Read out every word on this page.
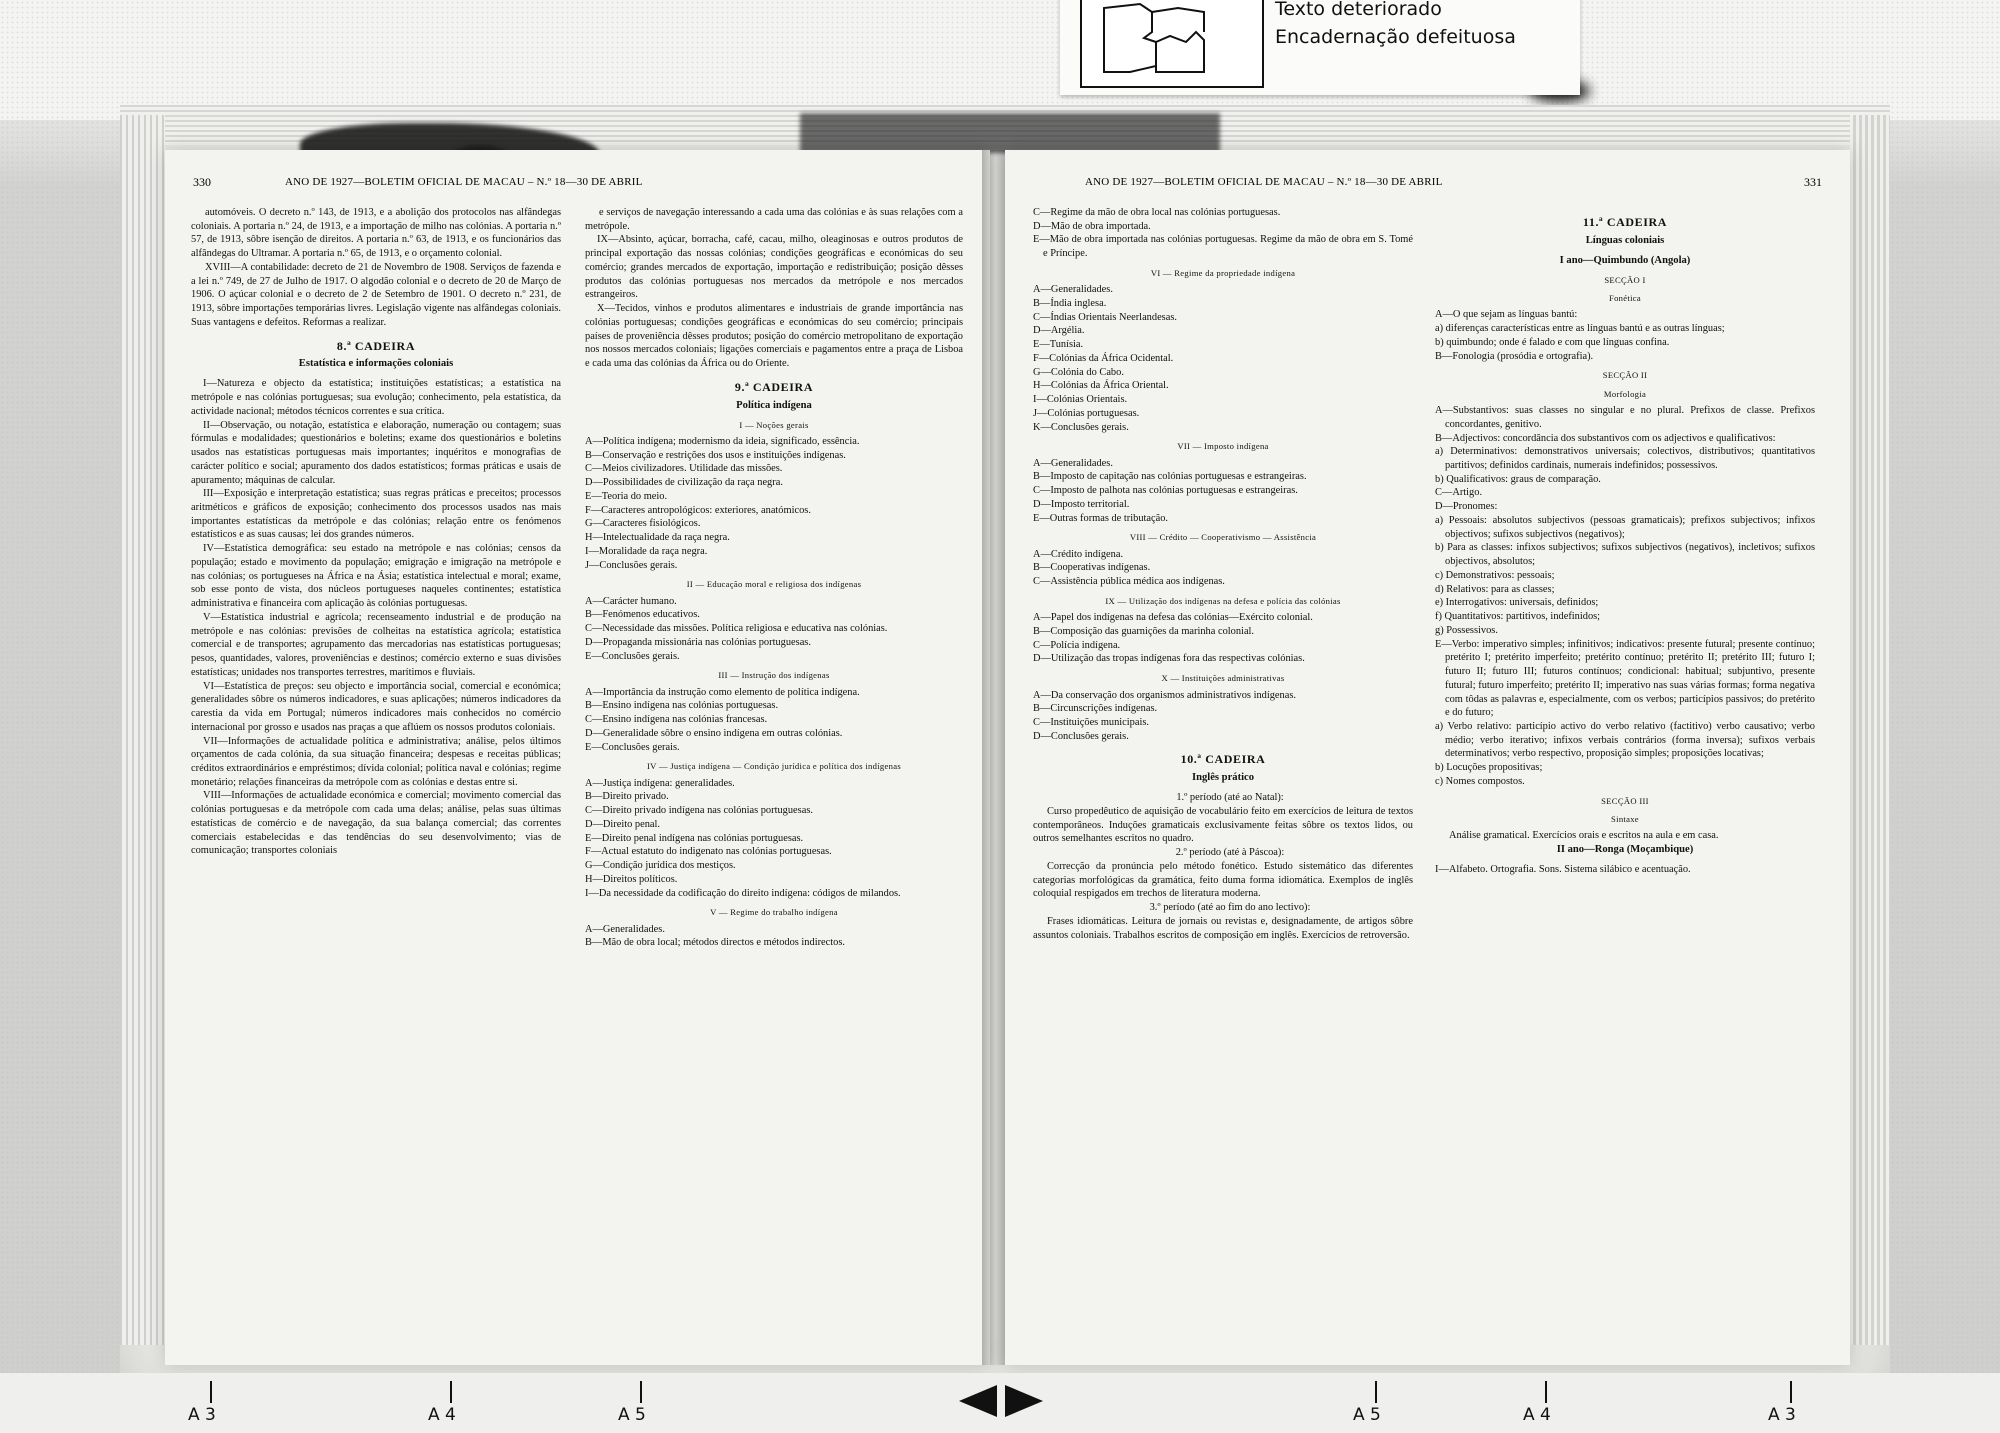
Texto deteriorado
Encadernação defeituosa
330	ANO DE 1927—BOLETIM OFICIAL DE MACAU – N.º 18—30 DE ABRIL

automóveis. O decreto n.º 143, de 1913, e a abolição dos protocolos nas alfândegas coloniais. A portaria n.º 24, de 1913, e a importação de milho nas colónias. A portaria n.º 57, de 1913, sôbre isenção de direitos. A portaria n.º 63, de 1913, e os funcionários das alfândegas do Ultramar. A portaria n.º 65, de 1913, e o orçamento colonial.

XVIII—A contabilidade: decreto de 21 de Novembro de 1908. Serviços de fazenda e a lei n.º 749, de 27 de Julho de 1917. O algodão colonial e o decreto de 20 de Março de 1906. O açúcar colonial e o decreto de 2 de Setembro de 1901. O decreto n.º 231, de 1913, sôbre importações temporárias livres. Legislação vigente nas alfândegas coloniais. Suas vantagens e defeitos. Reformas a realizar.

8.ª CADEIRA
Estatística e informações coloniais

I—Natureza e objecto da estatística; instituições estatísticas; a estatística na metrópole e nas colónias portuguesas; sua evolução; conhecimento, pela estatística, da actividade nacional; métodos técnicos correntes e sua crítica.

II—Observação, ou notação, estatística e elaboração, numeração ou contagem; suas fórmulas e modalidades; questionários e boletins; exame dos questionários e boletins usados nas estatísticas portuguesas mais importantes; inquéritos e monografias de carácter político e social; apuramento dos dados estatísticos; formas práticas e usais de apuramento; máquinas de calcular.

III—Exposição e interpretação estatística; suas regras práticas e preceitos; processos aritméticos e gráficos de exposição; conhecimento dos processos usados nas mais importantes estatísticas da metrópole e das colónias; relação entre os fenómenos estatísticos e as suas causas; lei dos grandes números.

IV—Estatística demográfica: seu estado na metrópole e nas colónias; censos da população; estado e movimento da população; emigração e imigração na metrópole e nas colónias; os portugueses na África e na Ásia; estatística intelectual e moral; exame, sob esse ponto de vista, dos núcleos portugueses naqueles continentes; estatística administrativa e financeira com aplicação às colónias portuguesas.

V—Estatística industrial e agrícola; recenseamento industrial e de produção na metrópole e nas colónias: previsões de colheitas na estatística agrícola; estatística comercial e de transportes; agrupamento das mercadorias nas estatísticas portuguesas; pesos, quantidades, valores, proveniências e destinos; comércio externo e suas divisões estatísticas; unidades nos transportes terrestres, marítimos e fluviais.

VI—Estatística de preços: seu objecto e importância social, comercial e económica; generalidades sôbre os números indicadores, e suas aplicações; números indicadores da carestia da vida em Portugal; números indicadores mais conhecidos no comércio internacional por grosso e usados nas praças a que aflúem os nossos produtos coloniais.

VII—Informações de actualidade política e administrativa; análise, pelos últimos orçamentos de cada colónia, da sua situação financeira; despesas e receitas públicas; créditos extraordinários e empréstimos; dívida colonial; política naval e colónias; regime monetário; relações financeiras da metrópole com as colónias e destas entre si.

VIII—Informações de actualidade económica e comercial; movimento comercial das colónias portuguesas e da metrópole com cada uma delas; análise, pelas suas últimas estatísticas de comércio e de navegação, da sua balança comercial; das correntes comerciais estabelecidas e das tendências do seu desenvolvimento; vias de comunicação; transportes coloniais

e serviços de navegação interessando a cada uma das colónias e às suas relações com a metrópole.

IX—Absinto, açúcar, borracha, café, cacau, milho, oleaginosas e outros produtos de principal exportação das nossas colónias; condições geográficas e económicas do seu comércio; grandes mercados de exportação, importação e redistribuição; posição dêsses produtos das colónias portuguesas nos mercados da metrópole e nos mercados estrangeiros.

X—Tecidos, vinhos e produtos alimentares e industriais de grande importância nas colónias portuguesas; condições geográficas e económicas do seu comércio; principais países de proveniência dêsses produtos; posição do comércio metropolitano de exportação nos nossos mercados coloniais; ligações comerciais e pagamentos entre a praça de Lisboa e cada uma das colónias da África ou do Oriente.

9.ª CADEIRA
Política indígena
I — Noções gerais

A—Política indígena; modernismo da ideia, significado, essência.

B—Conservação e restrições dos usos e instituições indígenas.

C—Meios civilizadores. Utilidade das missões.

D—Possibilidades de civilização da raça negra.

E—Teoria do meio.

F—Caracteres antropológicos: exteriores, anatómicos.

G—Caracteres fisiológicos.

H—Intelectualidade da raça negra.

I—Moralidade da raça negra.

J—Conclusões gerais.

II — Educação moral e religiosa dos indígenas

A—Carácter humano.

B—Fenómenos educativos.

C—Necessidade das missões. Política religiosa e educativa nas colónias.

D—Propaganda missionária nas colónias portuguesas.

E—Conclusões gerais.

III — Instrução dos indígenas

A—Importância da instrução como elemento de política indígena.

B—Ensino indígena nas colónias portuguesas.

C—Ensino indígena nas colónias francesas.

D—Generalidade sôbre o ensino indígena em outras colónias.

E—Conclusões gerais.

IV — Justiça indígena — Condição jurídica e política dos indígenas

A—Justiça indígena: generalidades.

B—Direito privado.

C—Direito privado indígena nas colónias portuguesas.

D—Direito penal.

E—Direito penal indígena nas colónias portuguesas.

F—Actual estatuto do indigenato nas colónias portuguesas.

G—Condição jurídica dos mestiços.

H—Direitos políticos.

I—Da necessidade da codificação do direito indígena: códigos de milandos.

V — Regime do trabalho indígena

A—Generalidades.

B—Mão de obra local; métodos directos e métodos indirectos.

ANO DE 1927—BOLETIM OFICIAL DE MACAU – N.º 18—30 DE ABRIL	331

C—Regime da mão de obra local nas colónias portuguesas.

D—Mão de obra importada.

E—Mão de obra importada nas colónias portuguesas. Regime da mão de obra em S. Tomé e Príncipe.

VI — Regime da propriedade indígena

A—Generalidades.

B—Índia inglesa.

C—Índias Orientais Neerlandesas.

D—Argélia.

E—Tunísia.

F—Colónias da África Ocidental.

G—Colónia do Cabo.

H—Colónias da África Oriental.

I—Colónias Orientais.

J—Colónias portuguesas.

K—Conclusões gerais.

VII — Imposto indígena

A—Generalidades.

B—Imposto de capitação nas colónias portuguesas e estrangeiras.

C—Imposto de palhota nas colónias portuguesas e estrangeiras.

D—Imposto territorial.

E—Outras formas de tributação.

VIII — Crédito — Cooperativismo — Assistência

A—Crédito indígena.

B—Cooperativas indígenas.

C—Assistência pública médica aos indígenas.

IX — Utilização dos indígenas na defesa e polícia das colónias

A—Papel dos indígenas na defesa das colónias—Exército colonial.

B—Composição das guarnições da marinha colonial.

C—Polícia indígena.

D—Utilização das tropas indígenas fora das respectivas colónias.

X — Instituições administrativas

A—Da conservação dos organismos administrativos indígenas.

B—Circunscrições indígenas.

C—Instituições municipais.

D—Conclusões gerais.

10.ª CADEIRA
Inglês prático

1.º período (até ao Natal):

Curso propedêutico de aquisição de vocabulário feito em exercícios de leitura de textos contemporâneos. Induções gramaticais exclusivamente feitas sôbre os textos lidos, ou outros semelhantes escritos no quadro.

2.º período (até à Páscoa):

Correcção da pronúncia pelo método fonético. Estudo sistemático das diferentes categorias morfológicas da gramática, feito duma forma idiomática. Exemplos de inglês coloquial respigados em trechos de literatura moderna.

3.º período (até ao fim do ano lectivo):

Frases idiomáticas. Leitura de jornais ou revistas e, designadamente, de artigos sôbre assuntos coloniais. Trabalhos escritos de composição em inglês. Exercícios de retroversão.

11.ª CADEIRA
Línguas coloniais
I ano—Quimbundo (Angola)
SECÇÃO I
Fonética

A—O que sejam as línguas bantú:

a) diferenças características entre as línguas bantú e as outras línguas;

b) quimbundo; onde é falado e com que línguas confina.

B—Fonologia (prosódia e ortografia).

SECÇÃO II
Morfologia

A—Substantivos: suas classes no singular e no plural. Prefixos de classe. Prefixos concordantes, genitivo.

B—Adjectivos: concordância dos substantivos com os adjectivos e qualificativos:

a) Determinativos: demonstrativos universais; colectivos, distributivos; quantitativos partitivos; definidos cardinais, numerais indefinidos; possessivos.

b) Qualificativos: graus de comparação.

C—Artigo.

D—Pronomes:

a) Pessoais: absolutos subjectivos (pessoas gramaticais); prefixos subjectivos; infixos objectivos; sufixos subjectivos (negativos);

b) Para as classes: infixos subjectivos; sufixos subjectivos (negativos), incletivos; sufixos objectivos, absolutos;

c) Demonstrativos: pessoais;

d) Relativos: para as classes;

e) Interrogativos: universais, definidos;

f) Quantitativos: partitivos, indefinidos;

g) Possessivos.

E—Verbo: imperativo simples; infinitivos; indicativos: presente futural; presente contínuo; pretérito I; pretérito imperfeito; pretérito contínuo; pretérito II; pretérito III; futuro I; futuro II; futuro III; futuros contínuos; condicional: habitual; subjuntivo, presente futural; futuro imperfeito; pretérito II; imperativo nas suas várias formas; forma negativa com tôdas as palavras e, especialmente, com os verbos; particípios passivos; do pretérito e do futuro;

a) Verbo relativo: particípio activo do verbo relativo (factitivo) verbo causativo; verbo médio; verbo iterativo; infixos verbais contrários (forma inversa); sufixos verbais determinativos; verbo respectivo, proposição simples; proposições locativas;

b) Locuções propositivas;

c) Nomes compostos.

SECÇÃO III
Sintaxe

Análise gramatical. Exercícios orais e escritos na aula e em casa.

II ano—Ronga (Moçambique)

I—Alfabeto. Ortografia. Sons. Sistema silábico e acentuação.

A 3	A 4	A 5	A 5	A 4	A 3
